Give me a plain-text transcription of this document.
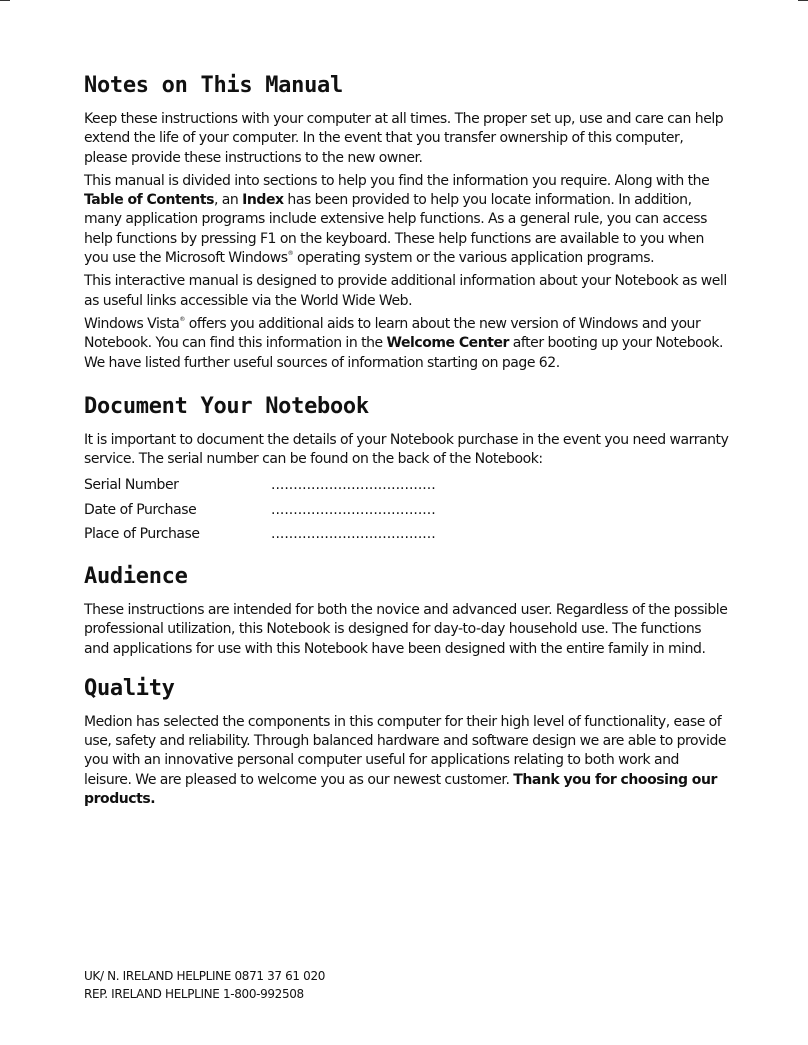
Notes on This Manual

Keep these instructions with your computer at all times. The proper set up, use and care can help extend the life of your computer. In the event that you transfer ownership of this computer, please provide these instructions to the new owner.

This manual is divided into sections to help you find the information you require. Along with the Table of Contents, an Index has been provided to help you locate information. In addition, many application programs include extensive help functions. As a general rule, you can access help functions by pressing F1 on the keyboard. These help functions are available to you when you use the Microsoft Windows® operating system or the various application programs.

This interactive manual is designed to provide additional information about your Notebook as well as useful links accessible via the World Wide Web.

Windows Vista® offers you additional aids to learn about the new version of Windows and your Notebook. You can find this information in the Welcome Center after booting up your Notebook. We have listed further useful sources of information starting on page 62.

Document Your Notebook

It is important to document the details of your Notebook purchase in the event you need warranty service. The serial number can be found on the back of the Notebook:

Serial Number	.....................................
Date of Purchase	.....................................
Place of Purchase	.....................................
Audience

These instructions are intended for both the novice and advanced user. Regardless of the possible professional utilization, this Notebook is designed for day-to-day household use. The functions and applications for use with this Notebook have been designed with the entire family in mind.

Quality

Medion has selected the components in this computer for their high level of functionality, ease of use, safety and reliability. Through balanced hardware and software design we are able to provide you with an innovative personal computer useful for applications relating to both work and leisure. We are pleased to welcome you as our newest customer. Thank you for choosing our products.

UK/ N. IRELAND HELPLINE 0871 37 61 020
REP. IRELAND HELPLINE 1-800-992508
